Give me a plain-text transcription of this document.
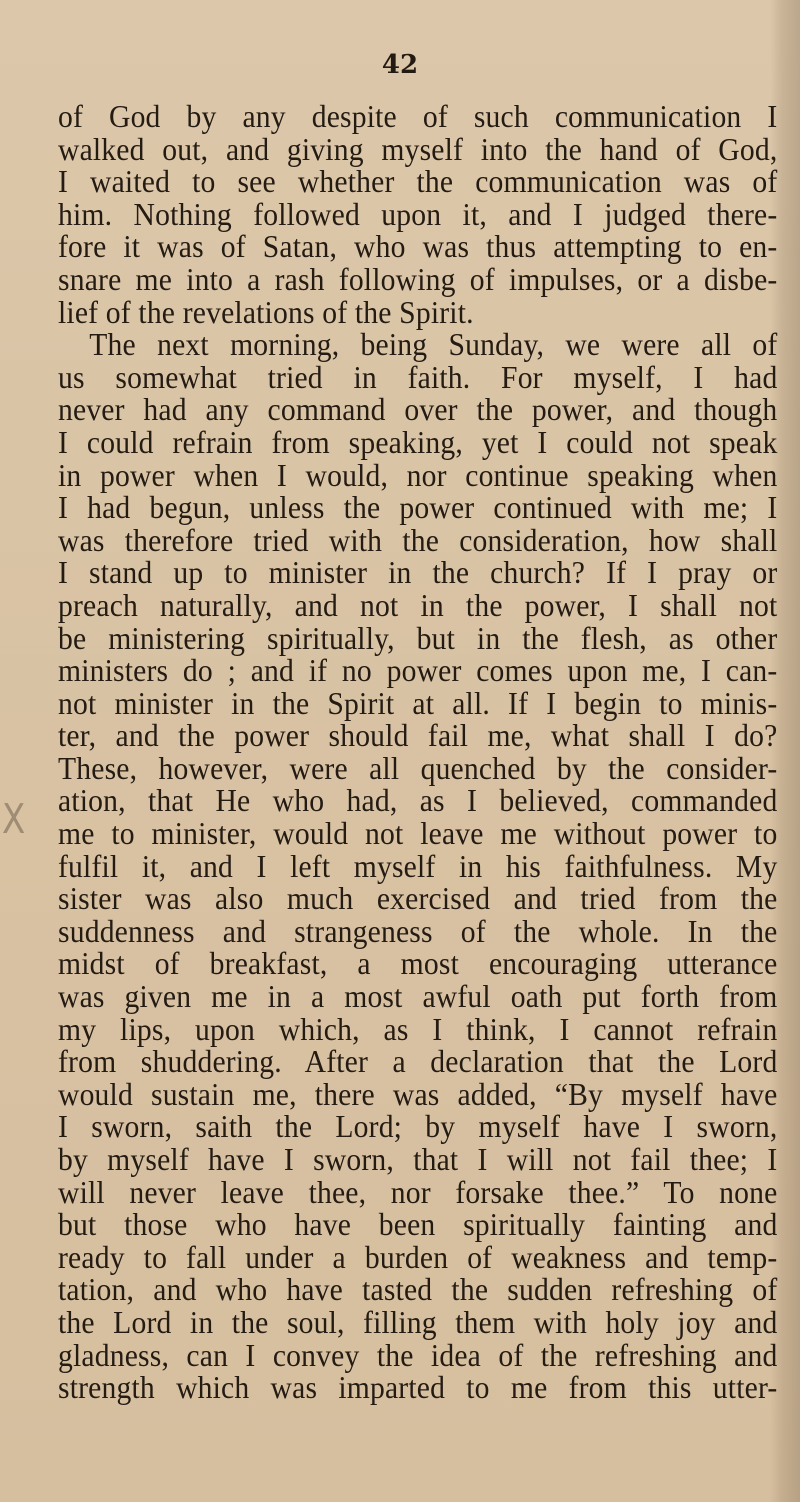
42
X
of God by any despite of such communication I
walked out, and giving myself into the hand of God,
I waited to see whether the communication was of
him. Nothing followed upon it, and I judged there-
fore it was of Satan, who was thus attempting to en-
snare me into a rash following of impulses, or a disbe-
lief of the revelations of the Spirit.
The next morning, being Sunday, we were all of
us somewhat tried in faith. For myself, I had
never had any command over the power, and though
I could refrain from speaking, yet I could not speak
in power when I would, nor continue speaking when
I had begun, unless the power continued with me; I
was therefore tried with the consideration, how shall
I stand up to minister in the church? If I pray or
preach naturally, and not in the power, I shall not
be ministering spiritually, but in the flesh, as other
ministers do ; and if no power comes upon me, I can-
not minister in the Spirit at all. If I begin to minis-
ter, and the power should fail me, what shall I do?
These, however, were all quenched by the consider-
ation, that He who had, as I believed, commanded
me to minister, would not leave me without power to
fulfil it, and I left myself in his faithfulness. My
sister was also much exercised and tried from the
suddenness and strangeness of the whole. In the
midst of breakfast, a most encouraging utterance
was given me in a most awful oath put forth from
my lips, upon which, as I think, I cannot refrain
from shuddering. After a declaration that the Lord
would sustain me, there was added, “By myself have
I sworn, saith the Lord; by myself have I sworn,
by myself have I sworn, that I will not fail thee; I
will never leave thee, nor forsake thee.” To none
but those who have been spiritually fainting and
ready to fall under a burden of weakness and temp-
tation, and who have tasted the sudden refreshing of
the Lord in the soul, filling them with holy joy and
gladness, can I convey the idea of the refreshing and
strength which was imparted to me from this utter-
